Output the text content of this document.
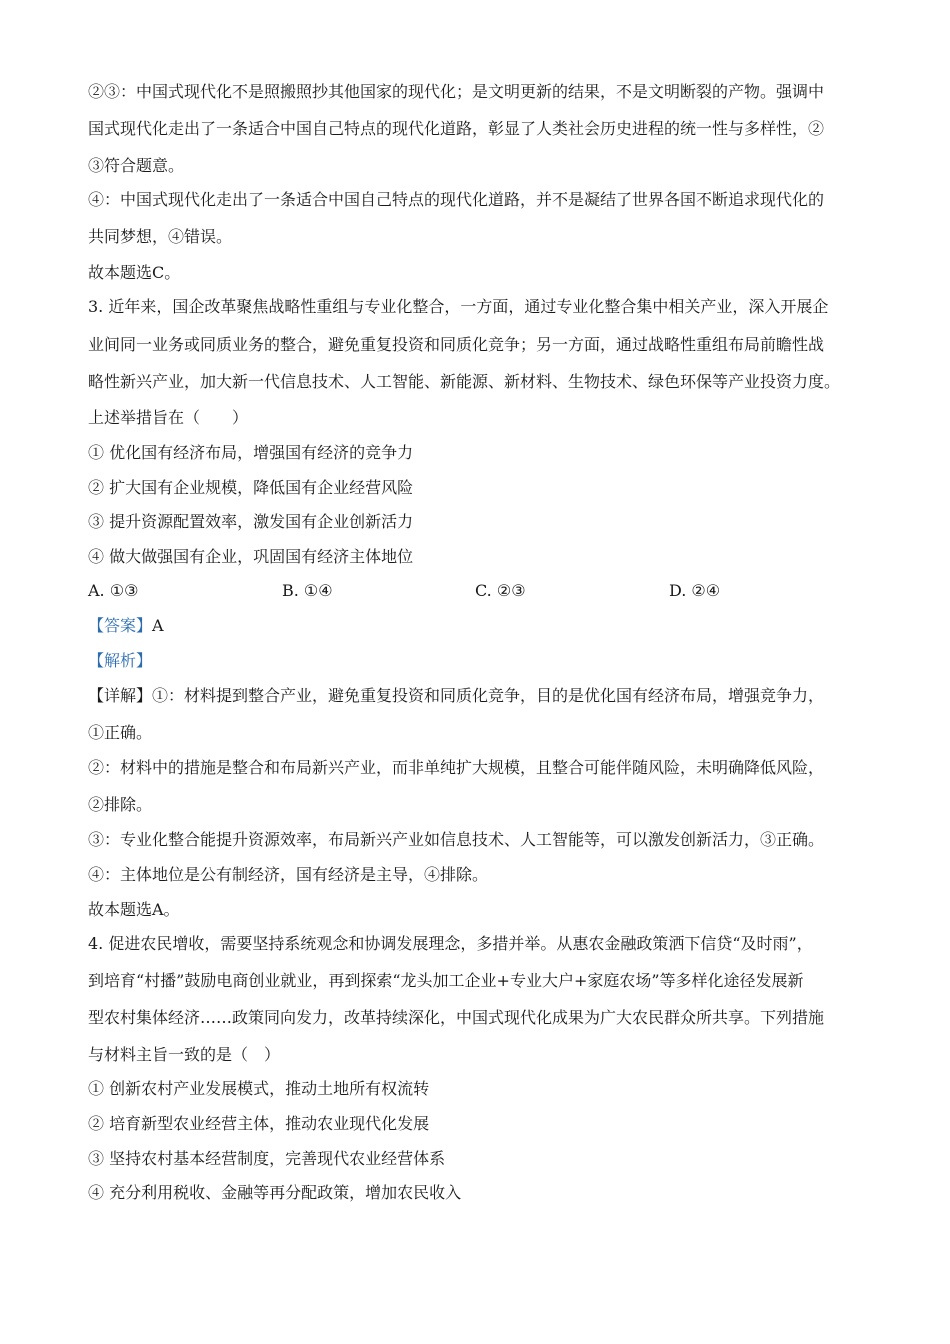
②③：中国式现代化不是照搬照抄其他国家的现代化；是文明更新的结果，不是文明断裂的产物。强调中
国式现代化走出了一条适合中国自己特点的现代化道路，彰显了人类社会历史进程的统一性与多样性，②
③符合题意。
④：中国式现代化走出了一条适合中国自己特点的现代化道路，并不是凝结了世界各国不断追求现代化的
共同梦想，④错误。
故本题选C。
3. 近年来，国企改革聚焦战略性重组与专业化整合，一方面，通过专业化整合集中相关产业，深入开展企
业间同一业务或同质业务的整合，避免重复投资和同质化竞争；另一方面，通过战略性重组布局前瞻性战
略性新兴产业，加大新一代信息技术、人工智能、新能源、新材料、生物技术、绿色环保等产业投资力度。
上述举措旨在（　　）
① 优化国有经济布局，增强国有经济的竞争力
② 扩大国有企业规模，降低国有企业经营风险
③ 提升资源配置效率，激发国有企业创新活力
④ 做大做强国有企业，巩固国有经济主体地位
A. ①③	B. ①④	C. ②③	D. ②④
【答案】A
【解析】
【详解】①：材料提到整合产业，避免重复投资和同质化竞争，目的是优化国有经济布局，增强竞争力，
①正确。
②：材料中的措施是整合和布局新兴产业，而非单纯扩大规模，且整合可能伴随风险，未明确降低风险，
②排除。
③：专业化整合能提升资源效率，布局新兴产业如信息技术、人工智能等，可以激发创新活力，③正确。
④：主体地位是公有制经济，国有经济是主导，④排除。
故本题选A。
4. 促进农民增收，需要坚持系统观念和协调发展理念，多措并举。从惠农金融政策洒下信贷“及时雨”，
到培育“村播”鼓励电商创业就业，再到探索“龙头加工企业+专业大户+家庭农场”等多样化途径发展新
型农村集体经济……政策同向发力，改革持续深化，中国式现代化成果为广大农民群众所共享。下列措施
与材料主旨一致的是（　）
① 创新农村产业发展模式，推动土地所有权流转
② 培育新型农业经营主体，推动农业现代化发展
③ 坚持农村基本经营制度，完善现代农业经营体系
④ 充分利用税收、金融等再分配政策，增加农民收入
